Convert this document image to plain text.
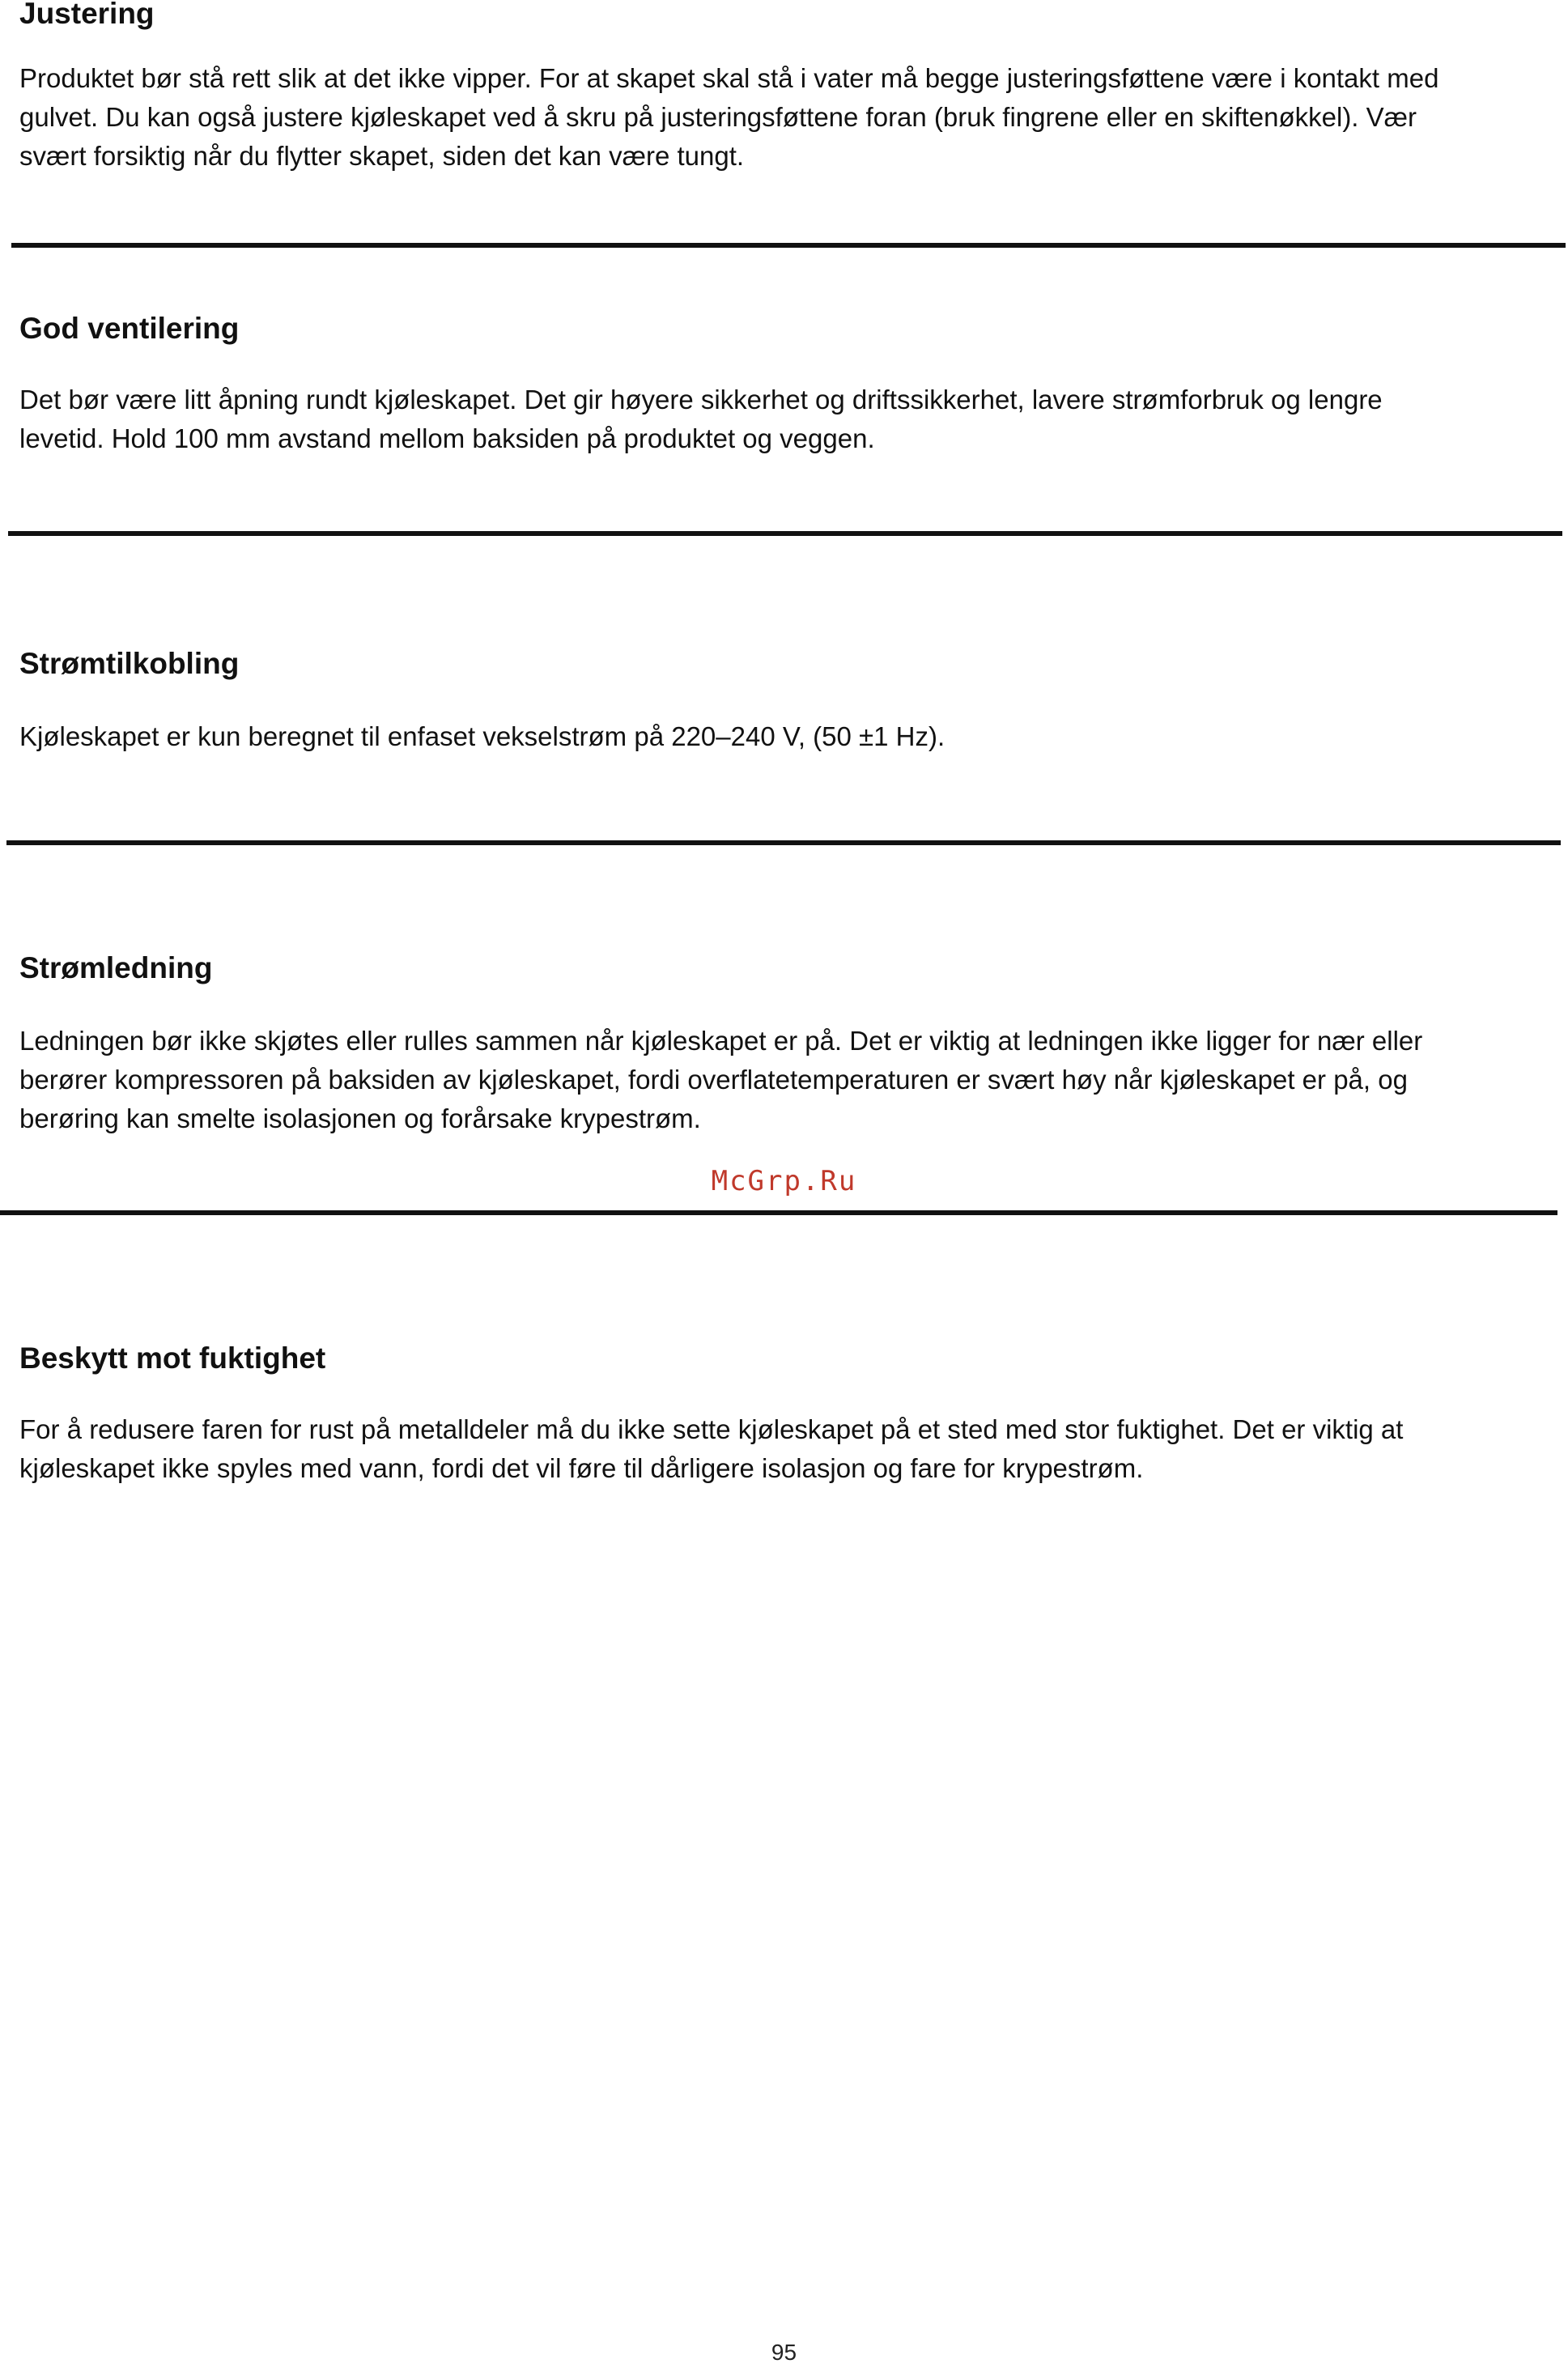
Justering

Produktet bør stå rett slik at det ikke vipper. For at skapet skal stå i vater må begge justeringsføttene være i kontakt med
gulvet. Du kan også justere kjøleskapet ved å skru på justeringsføttene foran (bruk fingrene eller en skiftenøkkel). Vær
svært forsiktig når du flytter skapet, siden det kan være tungt.

God ventilering

Det bør være litt åpning rundt kjøleskapet. Det gir høyere sikkerhet og driftssikkerhet, lavere strømforbruk og lengre
levetid. Hold 100 mm avstand mellom baksiden på produktet og veggen.

Strømtilkobling

Kjøleskapet er kun beregnet til enfaset vekselstrøm på 220–240 V, (50 ±1 Hz).

Strømledning

Ledningen bør ikke skjøtes eller rulles sammen når kjøleskapet er på. Det er viktig at ledningen ikke ligger for nær eller
berører kompressoren på baksiden av kjøleskapet, fordi overflatetemperaturen er svært høy når kjøleskapet er på, og
berøring kan smelte isolasjonen og forårsake krypestrøm.

McGrp.Ru
Beskytt mot fuktighet

For å redusere faren for rust på metalldeler må du ikke sette kjøleskapet på et sted med stor fuktighet. Det er viktig at
kjøleskapet ikke spyles med vann, fordi det vil føre til dårligere isolasjon og fare for krypestrøm.

95
